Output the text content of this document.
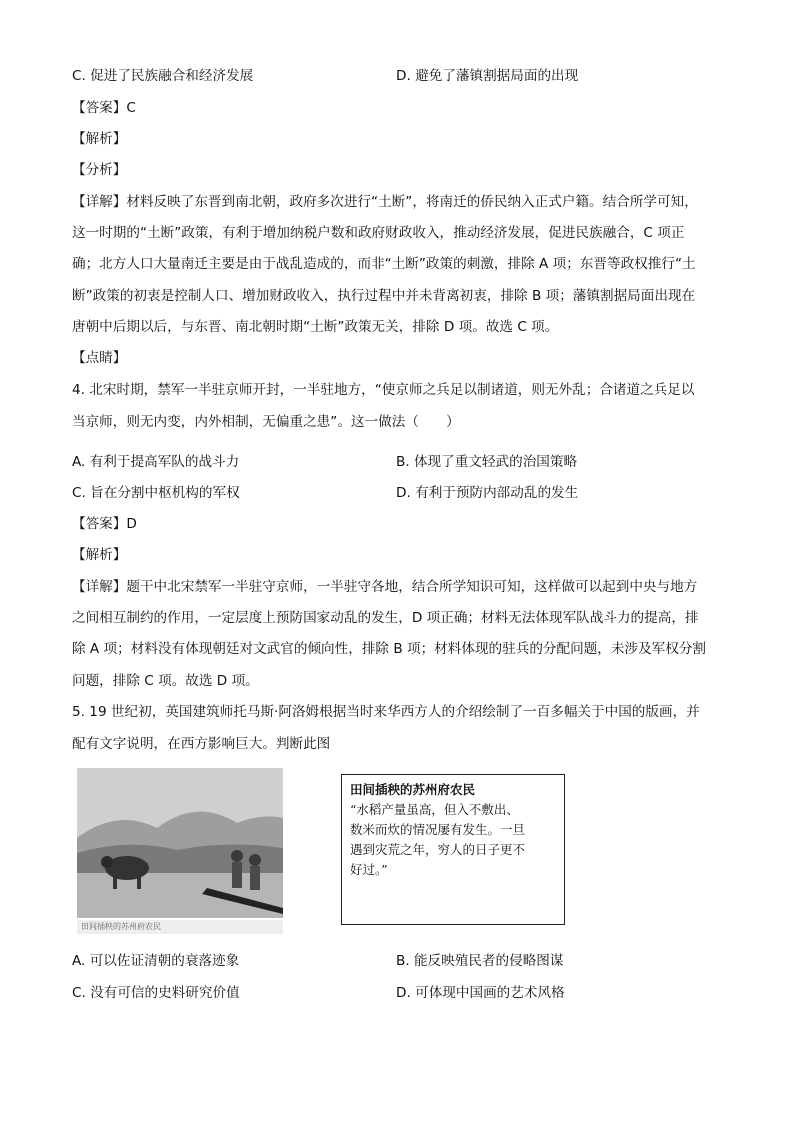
C. 促进了民族融合和经济发展	D. 避免了藩镇割据局面的出现
【答案】C
【解析】
【分析】
【详解】材料反映了东晋到南北朝，政府多次进行“土断”，将南迁的侨民纳入正式户籍。结合所学可知，
这一时期的“土断”政策，有利于增加纳税户数和政府财政收入，推动经济发展，促进民族融合，C 项正
确；北方人口大量南迁主要是由于战乱造成的，而非“土断”政策的刺激，排除 A 项；东晋等政权推行“土
断”政策的初衷是控制人口、增加财政收入，执行过程中并未背离初衷，排除 B 项；藩镇割据局面出现在
唐朝中后期以后，与东晋、南北朝时期“土断”政策无关，排除 D 项。故选 C 项。
【点睛】
4. 北宋时期，禁军一半驻京师开封，一半驻地方，“使京师之兵足以制诸道，则无外乱；合诸道之兵足以
当京师，则无内变，内外相制，无偏重之患”。这一做法（　　）
A. 有利于提高军队的战斗力	B. 体现了重文轻武的治国策略
C. 旨在分割中枢机构的军权	D. 有利于预防内部动乱的发生
【答案】D
【解析】
【详解】题干中北宋禁军一半驻守京师，一半驻守各地，结合所学知识可知，这样做可以起到中央与地方
之间相互制约的作用，一定层度上预防国家动乱的发生，D 项正确；材料无法体现军队战斗力的提高，排
除 A 项；材料没有体现朝廷对文武官的倾向性，排除 B 项；材料体现的驻兵的分配问题，未涉及军权分割
问题，排除 C 项。故选 D 项。
5. 19 世纪初，英国建筑师托马斯·阿洛姆根据当时来华西方人的介绍绘制了一百多幅关于中国的版画，并
配有文字说明，在西方影响巨大。判断此图
田间插秧的苏州府农民
田间插秧的苏州府农民
“水稻产量虽高，但入不敷出、
数米而炊的情况屡有发生。一旦
遇到灾荒之年，穷人的日子更不
好过。”
A. 可以佐证清朝的衰落迹象	B. 能反映殖民者的侵略图谋
C. 没有可信的史料研究价值	D. 可体现中国画的艺术风格
